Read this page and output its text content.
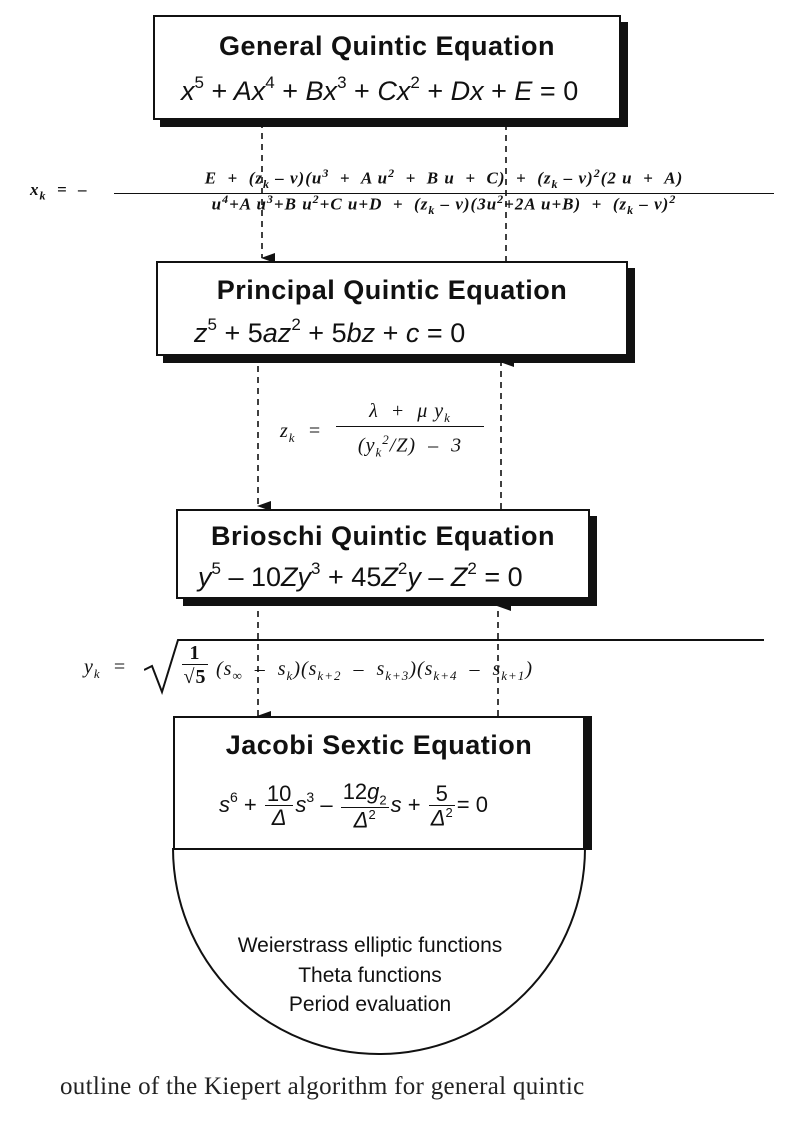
General Quintic Equation
$x^5 + Ax^4 + Bx^3 + Cx^2 + Dx + E = 0$
$x_k$  =  –
$E + (z_k - v)(u^3 + A$ $u^2 + B$ $u + C) + (z_k - v)^2(2$ u  +  A)
$u^4+A$ $u^3+B$ $u^2+C$ $u+D + (z_k - v)(3u^2+2A$ $u+B) + (z_k - v)^2$
Principal Quintic Equation
$z^5 + 5az^2 + 5bz + c = 0$
$z_k$  =
λ  +  μ $y_k$
$(y_k^2/Z) - 3$
Brioschi Quintic Equation
$y^5 - 10Zy^3 + 45Z^2y - Z^2 = 0$
$y_k$  =
1
√5 $(s_\infty - s_k)(s_{k+2} - s_{k+3})(s_{k+4} - s_{k+1})$
Jacobi Sextic Equation
$s^6 + \frac{10}{\Delta} s^3 - \frac{12g_2}{\Delta^2}$ $s + \frac{5}{\Delta^2} = 0$
Weierstrass elliptic functions
Theta functions
Period evaluation
outline of the Kiepert algorithm for general quintic
